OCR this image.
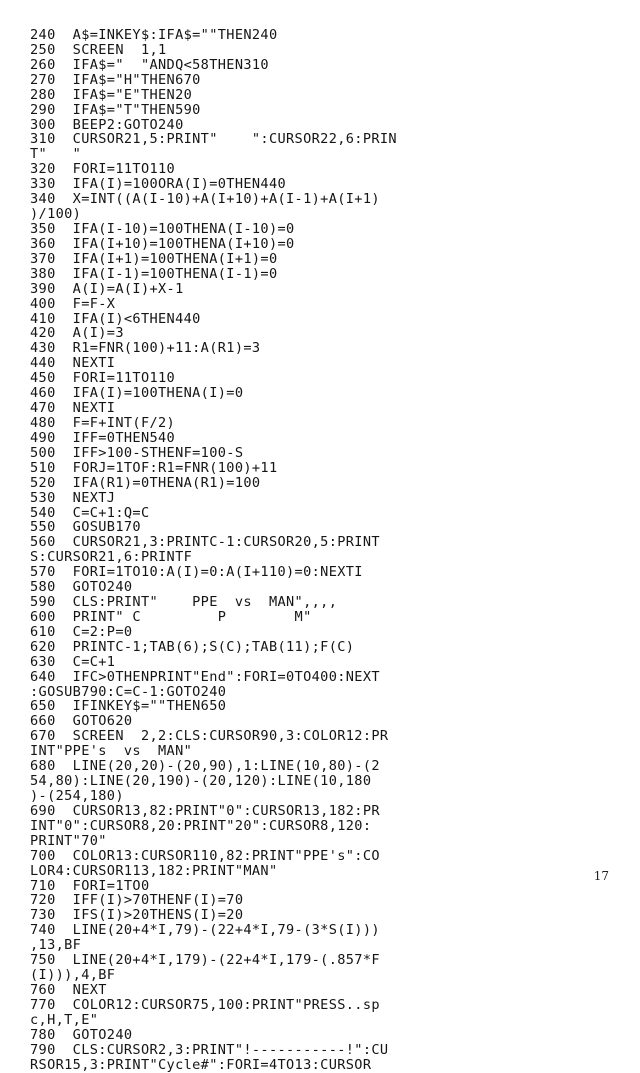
240  A$=INKEY$:IFA$=""THEN240
250  SCREEN  1,1
260  IFA$="  "ANDQ<58THEN310
270  IFA$="H"THEN670
280  IFA$="E"THEN20
290  IFA$="T"THEN590
300  BEEP2:GOTO240
310  CURSOR21,5:PRINT"    ":CURSOR22,6:PRIN
T"   "
320  FORI=11TO110
330  IFA(I)=100ORA(I)=0THEN440
340  X=INT((A(I-10)+A(I+10)+A(I-1)+A(I+1)
)/100)
350  IFA(I-10)=100THENA(I-10)=0
360  IFA(I+10)=100THENA(I+10)=0
370  IFA(I+1)=100THENA(I+1)=0
380  IFA(I-1)=100THENA(I-1)=0
390  A(I)=A(I)+X-1
400  F=F-X
410  IFA(I)<6THEN440
420  A(I)=3
430  R1=FNR(100)+11:A(R1)=3
440  NEXTI
450  FORI=11TO110
460  IFA(I)=100THENA(I)=0
470  NEXTI
480  F=F+INT(F/2)
490  IFF=0THEN540
500  IFF>100-STHENF=100-S
510  FORJ=1TOF:R1=FNR(100)+11
520  IFA(R1)=0THENA(R1)=100
530  NEXTJ
540  C=C+1:Q=C
550  GOSUB170
560  CURSOR21,3:PRINTC-1:CURSOR20,5:PRINT
S:CURSOR21,6:PRINTF
570  FORI=1TO10:A(I)=0:A(I+110)=0:NEXTI
580  GOTO240
590  CLS:PRINT"    PPE  vs  MAN",,,,
600  PRINT" C         P        M"
610  C=2:P=0
620  PRINTC-1;TAB(6);S(C);TAB(11);F(C)
630  C=C+1
640  IFC>0THENPRINT"End":FORI=0TO400:NEXT
:GOSUB790:C=C-1:GOTO240
650  IFINKEY$=""THEN650
660  GOTO620
670  SCREEN  2,2:CLS:CURSOR90,3:COLOR12:PR
INT"PPE's  vs  MAN"
680  LINE(20,20)-(20,90),1:LINE(10,80)-(2
54,80):LINE(20,190)-(20,120):LINE(10,180
)-(254,180)
690  CURSOR13,82:PRINT"0":CURSOR13,182:PR
INT"0":CURSOR8,20:PRINT"20":CURSOR8,120:
PRINT"70"
700  COLOR13:CURSOR110,82:PRINT"PPE's":CO
LOR4:CURSOR113,182:PRINT"MAN"
710  FORI=1TO0
720  IFF(I)>70THENF(I)=70
730  IFS(I)>20THENS(I)=20
740  LINE(20+4*I,79)-(22+4*I,79-(3*S(I)))
,13,BF
750  LINE(20+4*I,179)-(22+4*I,179-(.857*F
(I))),4,BF
760  NEXT
770  COLOR12:CURSOR75,100:PRINT"PRESS..sp
c,H,T,E"
780  GOTO240
790  CLS:CURSOR2,3:PRINT"!-----------!":CU
RSOR15,3:PRINT"Cycle#":FORI=4TO13:CURSOR
17
